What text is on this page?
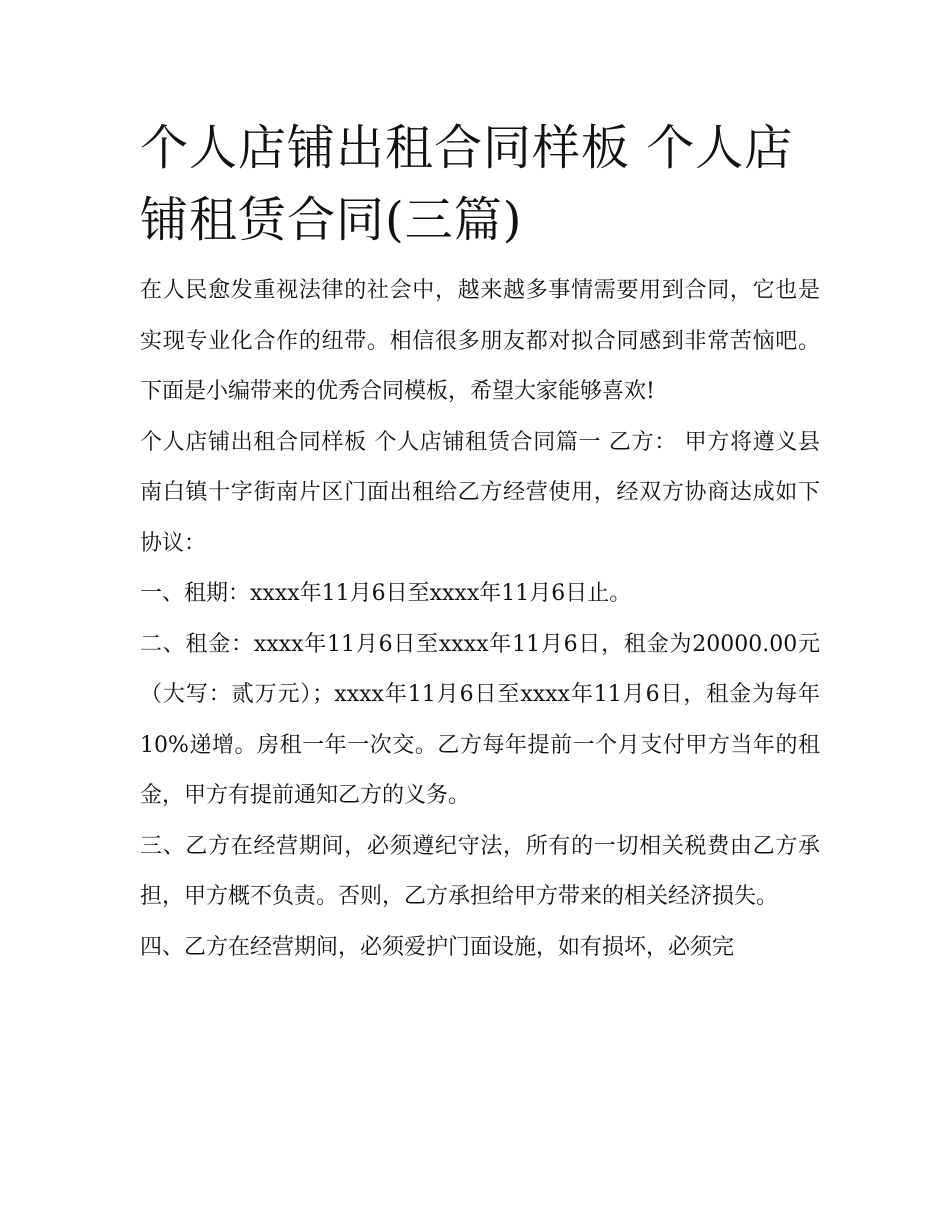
个人店铺出租合同样板 个人店铺租赁合同(三篇)

在人民愈发重视法律的社会中，越来越多事情需要用到合同，它也是实现专业化合作的纽带。相信很多朋友都对拟合同感到非常苦恼吧。下面是小编带来的优秀合同模板，希望大家能够喜欢!

个人店铺出租合同样板 个人店铺租赁合同篇一 乙方： 甲方将遵义县南白镇十字街南片区门面出租给乙方经营使用，经双方协商达成如下协议：

一、租期：xxxx年11月6日至xxxx年11月6日止。

二、租金：xxxx年11月6日至xxxx年11月6日，租金为20000.00元（大写：贰万元）；xxxx年11月6日至xxxx年11月6日，租金为每年10%递增。房租一年一次交。乙方每年提前一个月支付甲方当年的租金，甲方有提前通知乙方的义务。

三、乙方在经营期间，必须遵纪守法，所有的一切相关税费由乙方承担，甲方概不负责。否则，乙方承担给甲方带来的相关经济损失。

四、乙方在经营期间，必须爱护门面设施，如有损坏，必须完
